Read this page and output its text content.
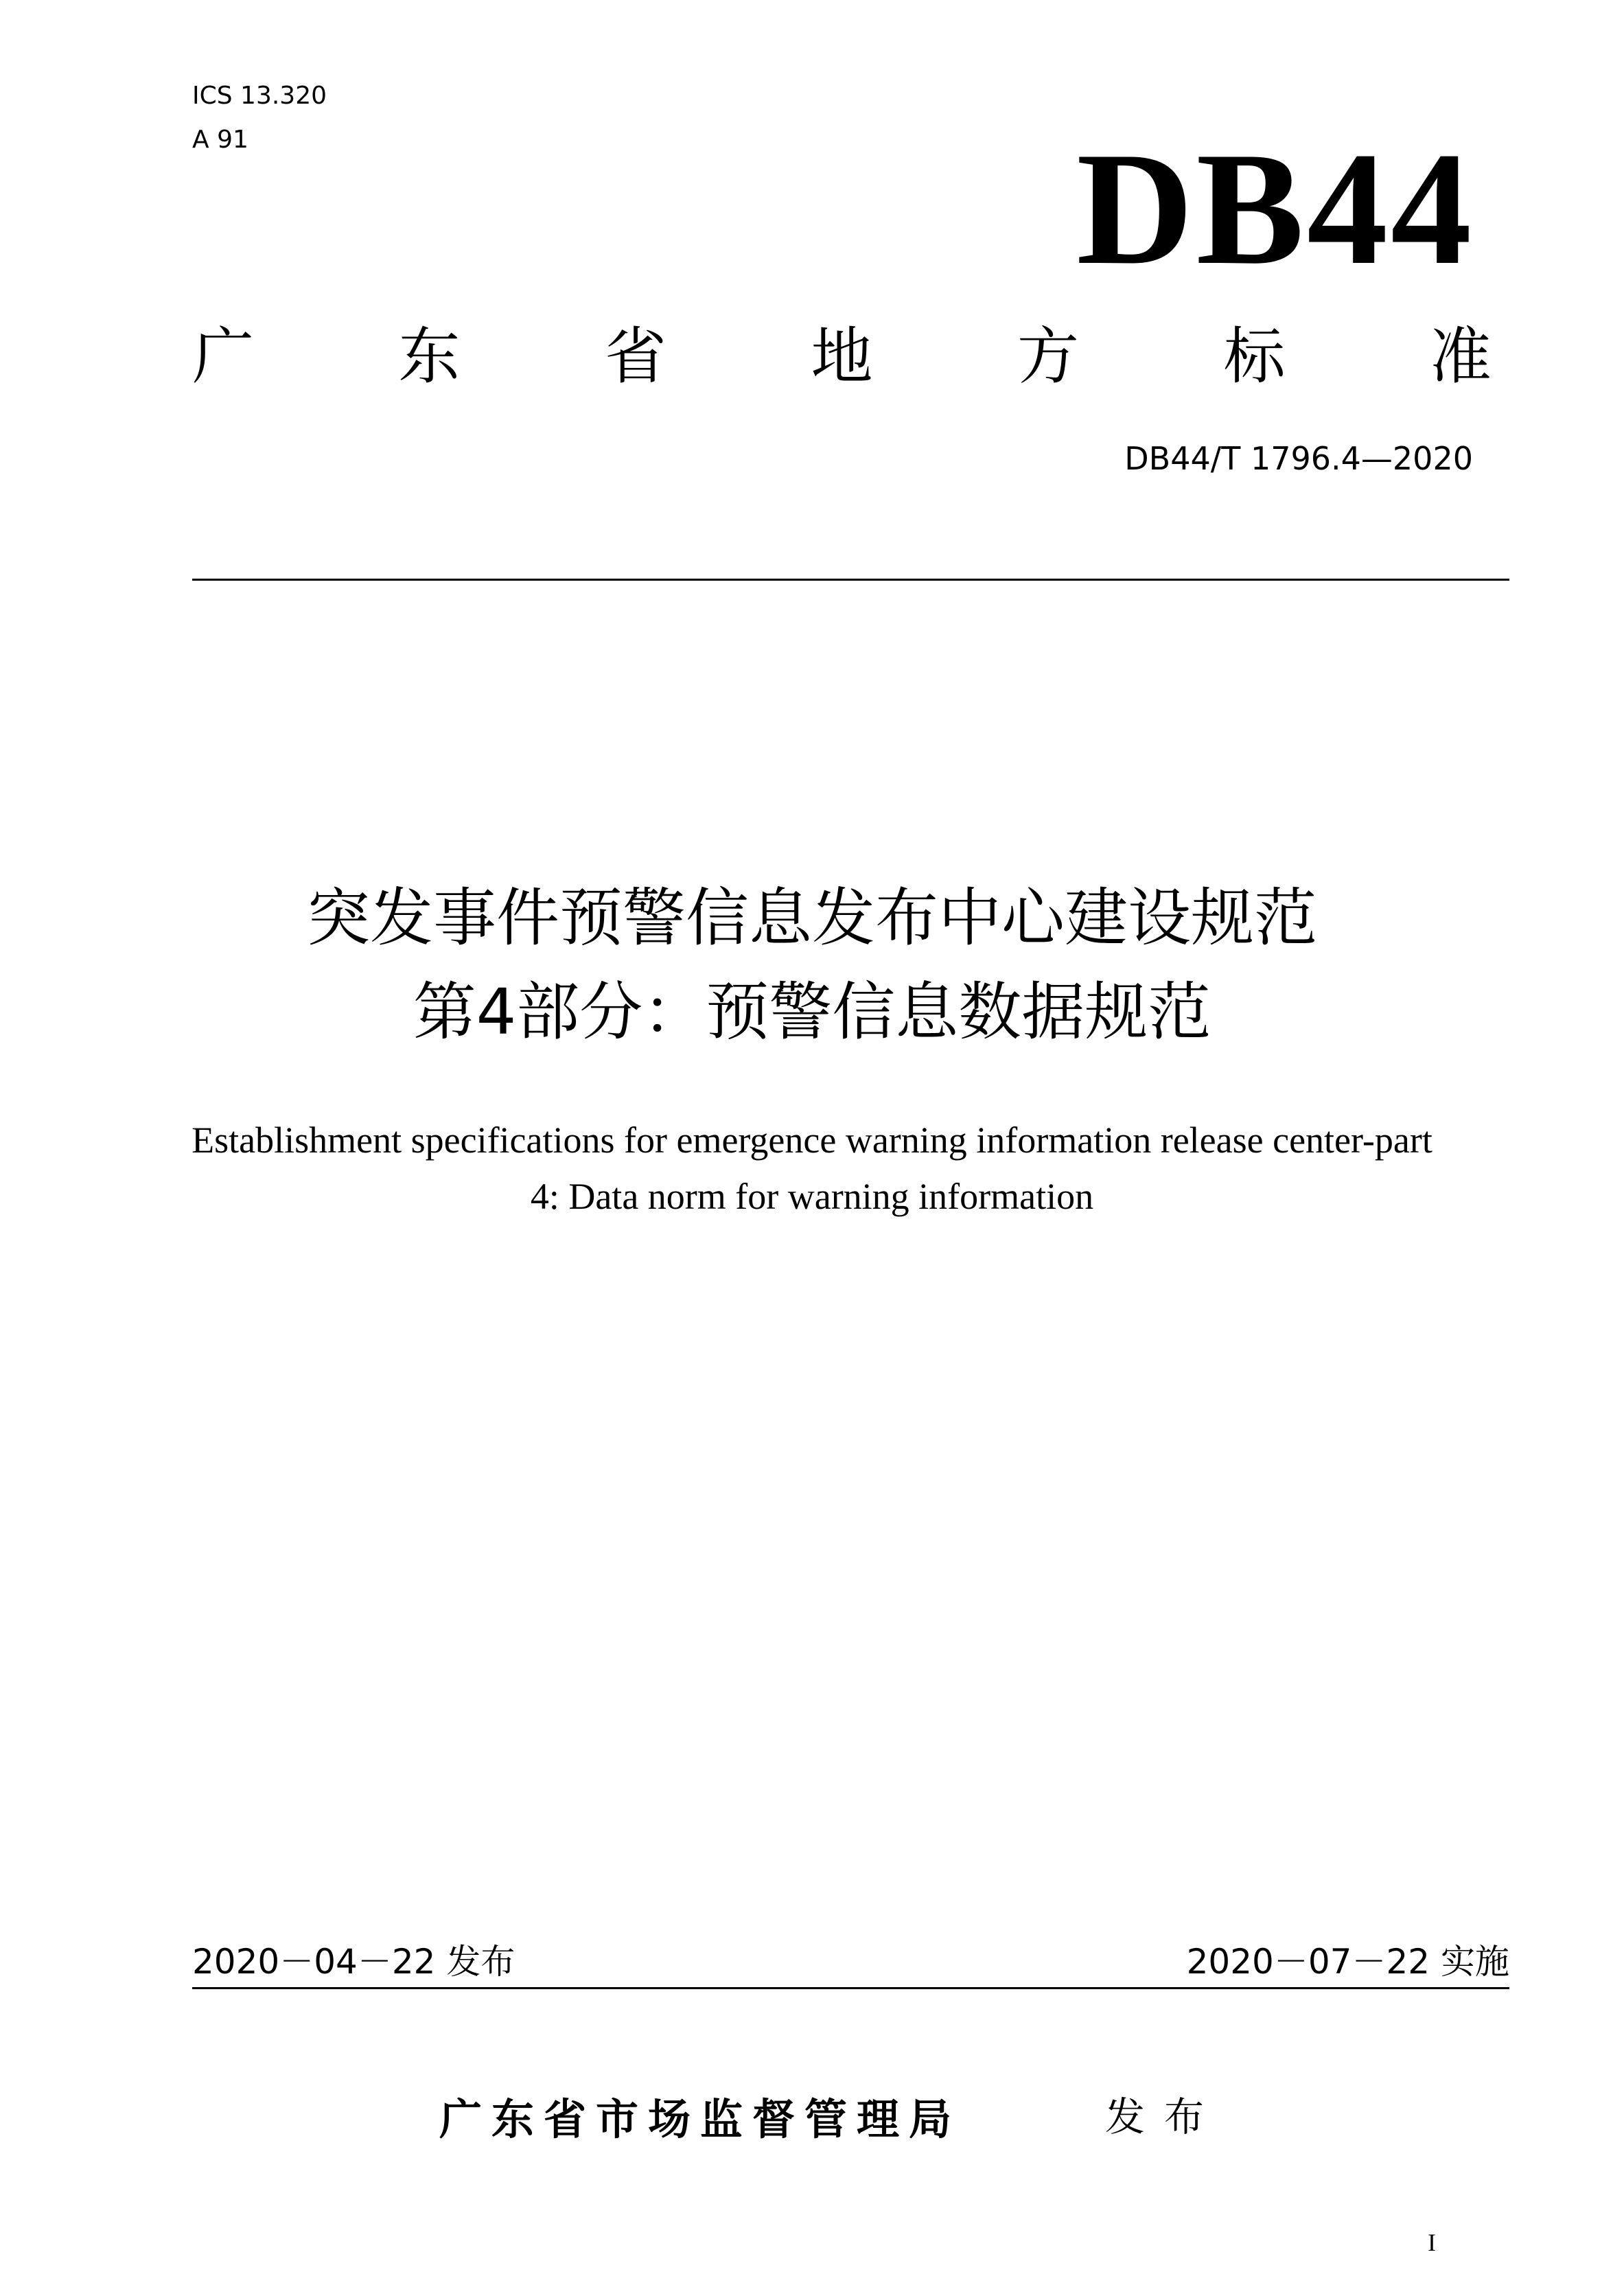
ICS 13.320
A 91	DB44
广 东 省 地 方 标 准
DB44/T 1796.4—2020
突发事件预警信息发布中心建设规范
第4部分：预警信息数据规范
Establishment specifications for emergence warning information release center-part
4: Data norm for warning information
2020－04－22 发布	2020－07－22 实施
广东省市场监督管理局	发布
I
